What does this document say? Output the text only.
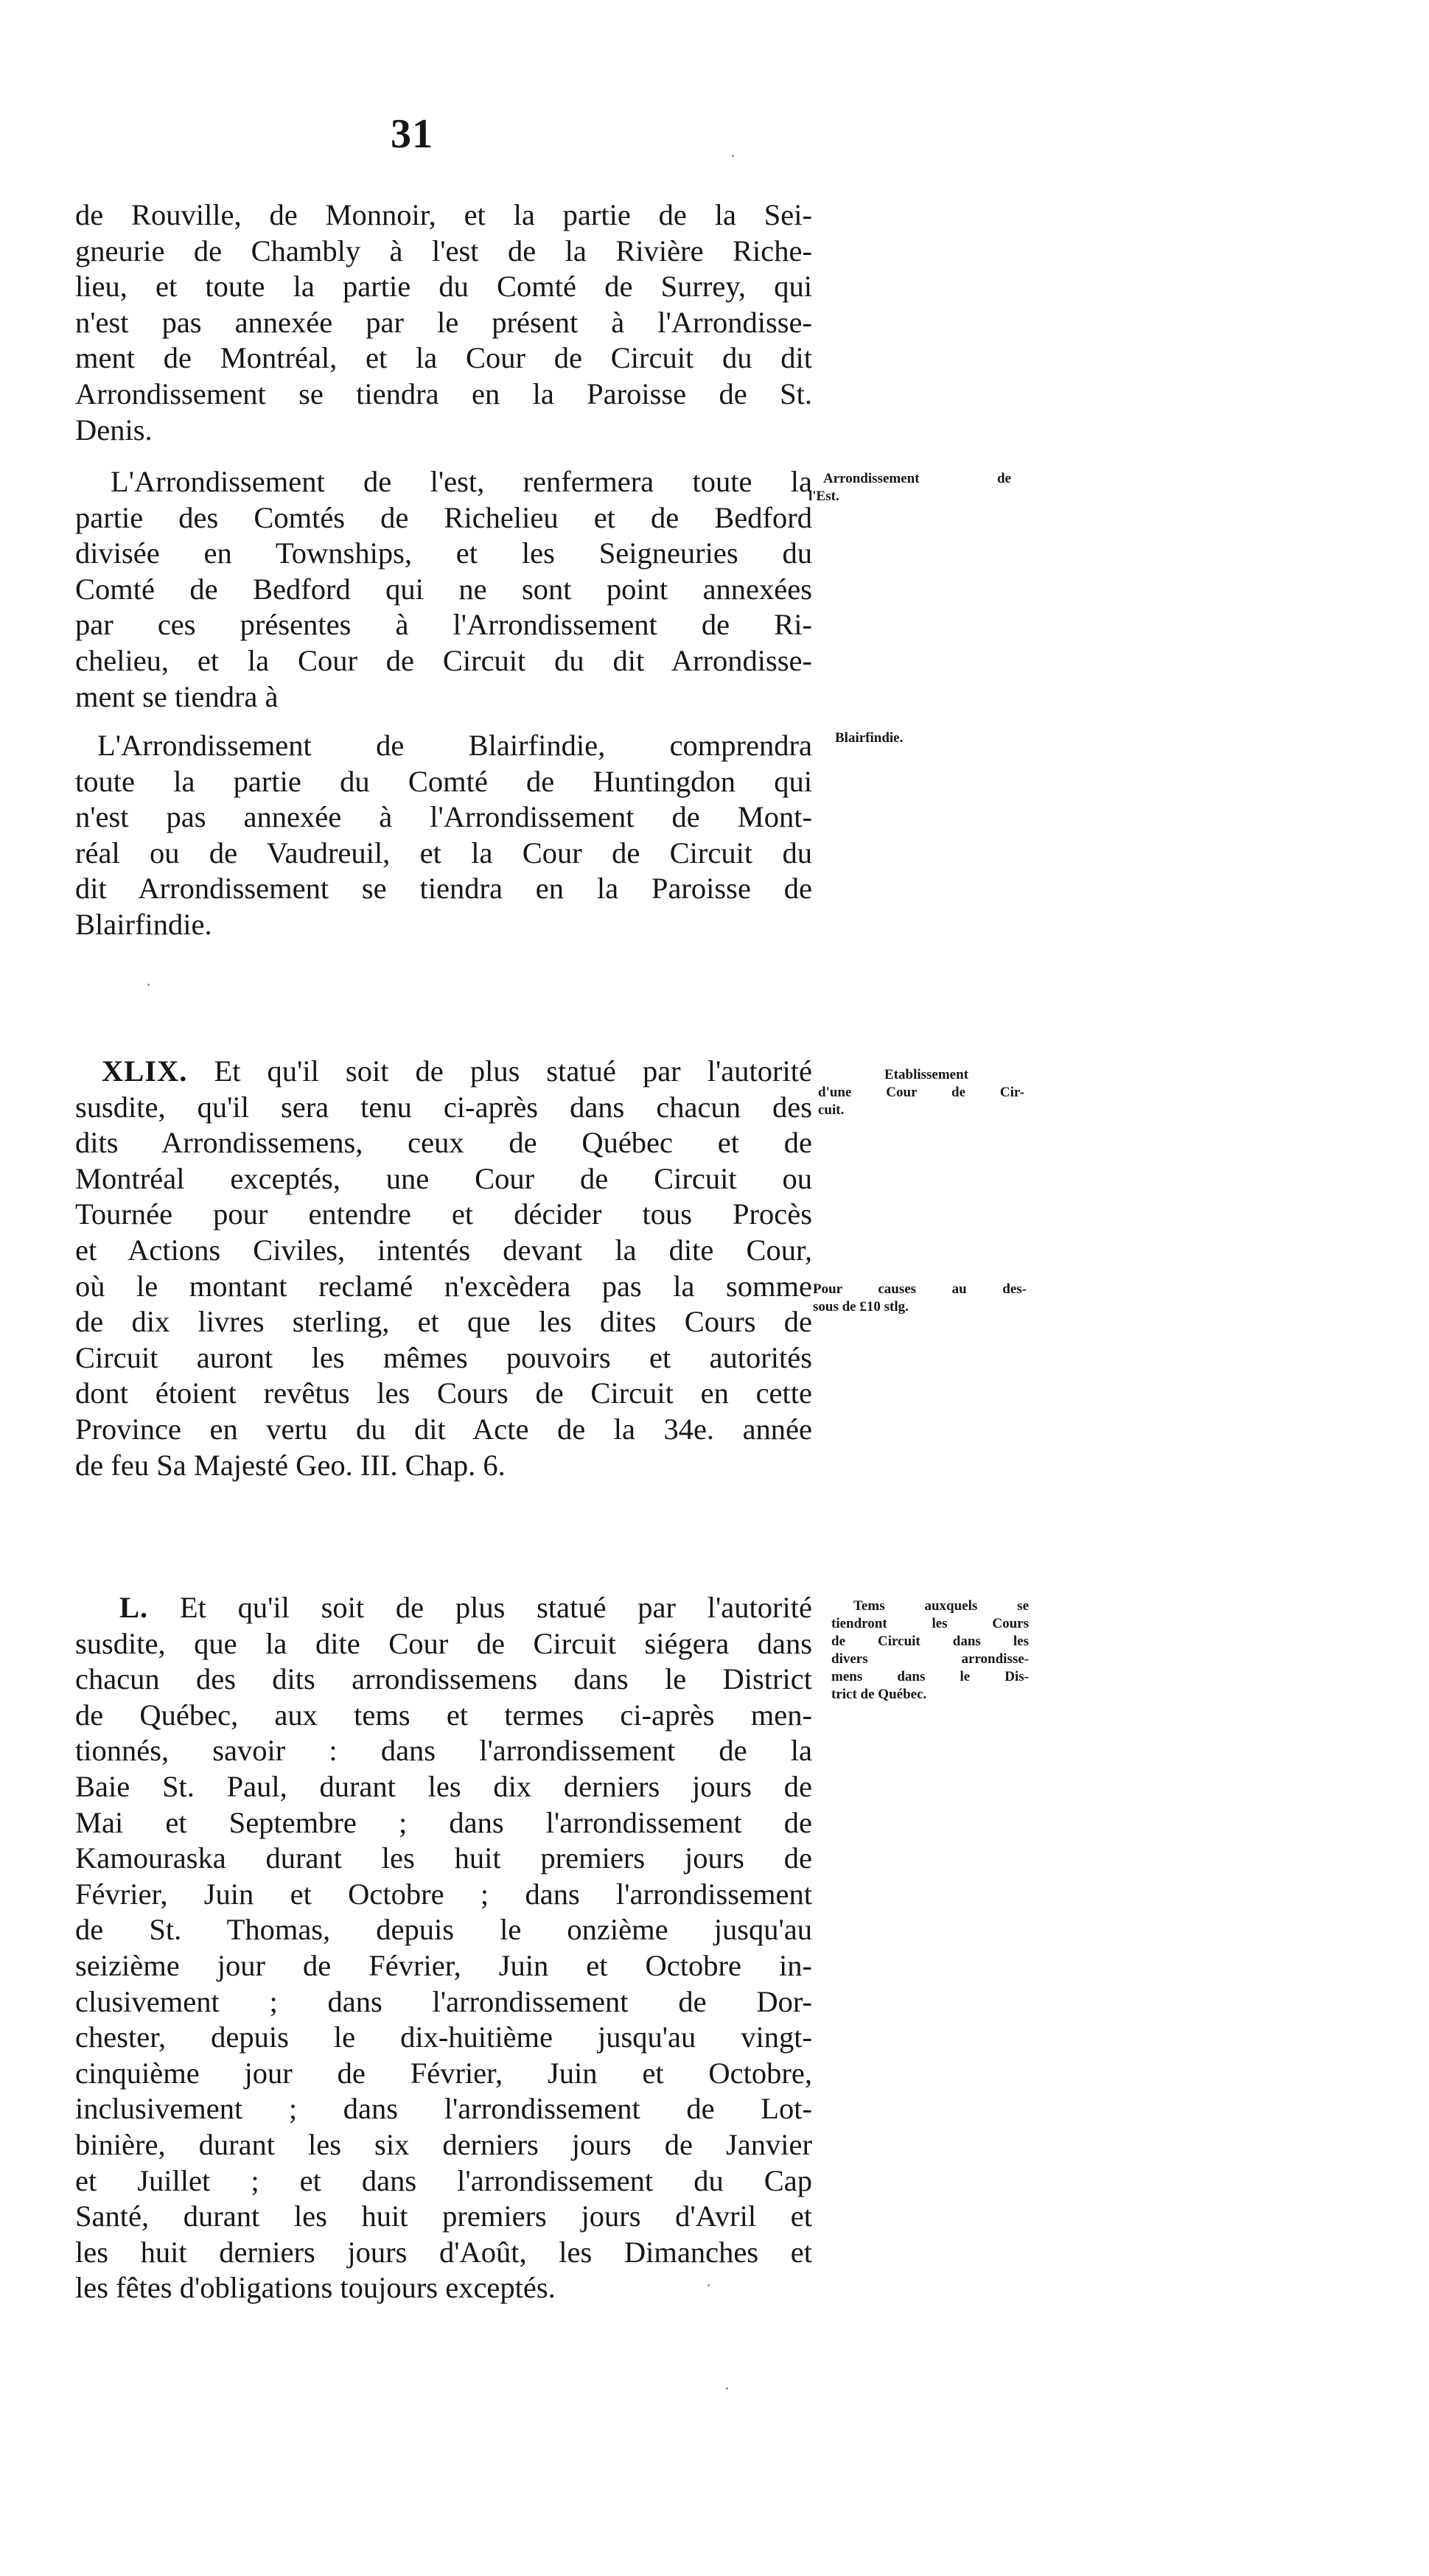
31
de Rouville, de Monnoir, et la partie de la Sei-
gneurie de Chambly à l'est de la Rivière Riche-
lieu, et toute la partie du Comté de Surrey, qui
n'est pas annexée par le présent à l'Arrondisse-
ment de Montréal, et la Cour de Circuit du dit
Arrondissement se tiendra en la Paroisse de St.
Denis.
L'Arrondissement de l'est, renfermera toute la
partie des Comtés de Richelieu et de Bedford
divisée en Townships, et les Seigneuries du
Comté de Bedford qui ne sont point annexées
par ces présentes à l'Arrondissement de Ri-
chelieu, et la Cour de Circuit du dit Arrondisse-
ment se tiendra à
L'Arrondissement de Blairfindie, comprendra
toute la partie du Comté de Huntingdon qui
n'est pas annexée à l'Arrondissement de Mont-
réal ou de Vaudreuil, et la Cour de Circuit du
dit Arrondissement se tiendra en la Paroisse de
Blairfindie.
XLIX. Et qu'il soit de plus statué par l'autorité
susdite, qu'il sera tenu ci-après dans chacun des
dits Arrondissemens, ceux de Québec et de
Montréal exceptés, une Cour de Circuit ou
Tournée pour entendre et décider tous Procès
et Actions Civiles, intentés devant la dite Cour,
où le montant reclamé n'excèdera pas la somme
de dix livres sterling, et que les dites Cours de
Circuit auront les mêmes pouvoirs et autorités
dont étoient revêtus les Cours de Circuit en cette
Province en vertu du dit Acte de la 34e. année
de feu Sa Majesté Geo. III. Chap. 6.
L. Et qu'il soit de plus statué par l'autorité
susdite, que la dite Cour de Circuit siégera dans
chacun des dits arrondissemens dans le District
de Québec, aux tems et termes ci-après men-
tionnés, savoir : dans l'arrondissement de la
Baie St. Paul, durant les dix derniers jours de
Mai et Septembre ; dans l'arrondissement de
Kamouraska durant les huit premiers jours de
Février, Juin et Octobre ; dans l'arrondissement
de St. Thomas, depuis le onzième jusqu'au
seizième jour de Février, Juin et Octobre in-
clusivement ; dans l'arrondissement de Dor-
chester, depuis le dix-huitième jusqu'au vingt-
cinquième jour de Février, Juin et Octobre,
inclusivement ; dans l'arrondissement de Lot-
binière, durant les six derniers jours de Janvier
et Juillet ; et dans l'arrondissement du Cap
Santé, durant les huit premiers jours d'Avril et
les huit derniers jours d'Août, les Dimanches et
les fêtes d'obligations toujours exceptés.
Arrondissement de
l'Est.
Blairfindie.
Etablissement
d'une Cour de Cir-
cuit.
Pour causes au des-
sous de £10 stlg.
Tems auxquels se
tiendront les Cours
de Circuit dans les
divers arrondisse-
mens dans le Dis-
trict de Québec.
